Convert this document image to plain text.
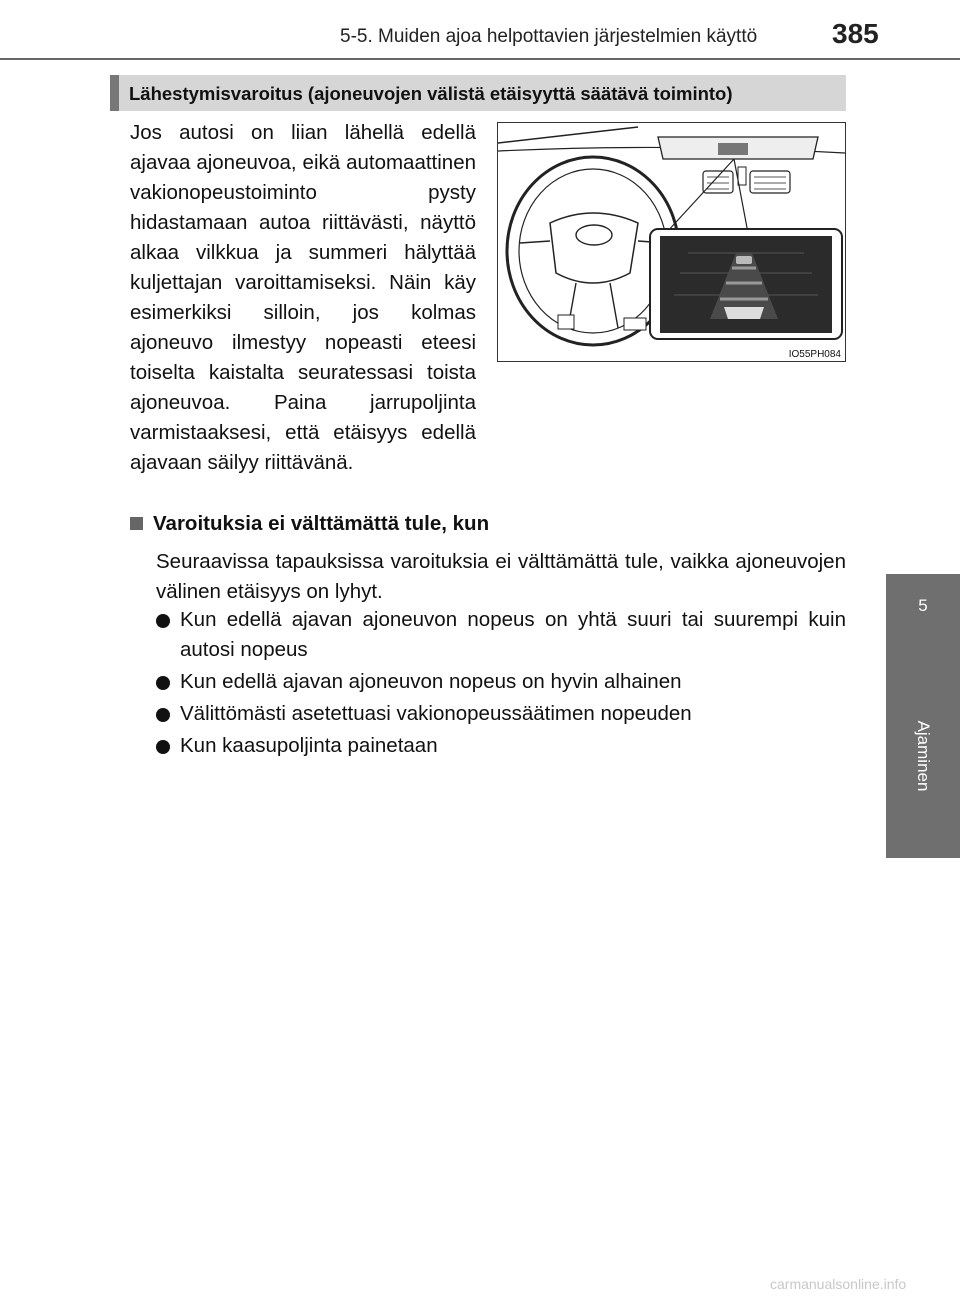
5-5. Muiden ajoa helpottavien järjestelmien käyttö	385
Lähestymisvaroitus (ajoneuvojen välistä etäisyyttä säätävä toiminto)
5
Ajaminen
Jos autosi on liian lähellä edellä ajavaa ajoneuvoa, eikä automaattinen vakionopeustoiminto pysty hidastamaan autoa riittävästi, näyttö alkaa vilkkua ja summeri hälyttää kuljettajan varoittamiseksi. Näin käy esimerkiksi silloin, jos kolmas ajoneuvo ilmestyy nopeasti eteesi toiselta kaistalta seuratessasi toista ajoneuvoa. Paina jarrupoljinta varmistaaksesi, että etäisyys edellä ajavaan säilyy riittävänä.
IO55PH084
Varoituksia ei välttämättä tule, kun
Seuraavissa tapauksissa varoituksia ei välttämättä tule, vaikka ajoneuvojen välinen etäisyys on lyhyt.
Kun edellä ajavan ajoneuvon nopeus on yhtä suuri tai suurempi kuin autosi nopeus
Kun edellä ajavan ajoneuvon nopeus on hyvin alhainen
Välittömästi asetettuasi vakionopeussäätimen nopeuden
Kun kaasupoljinta painetaan
carmanualsonline.info
